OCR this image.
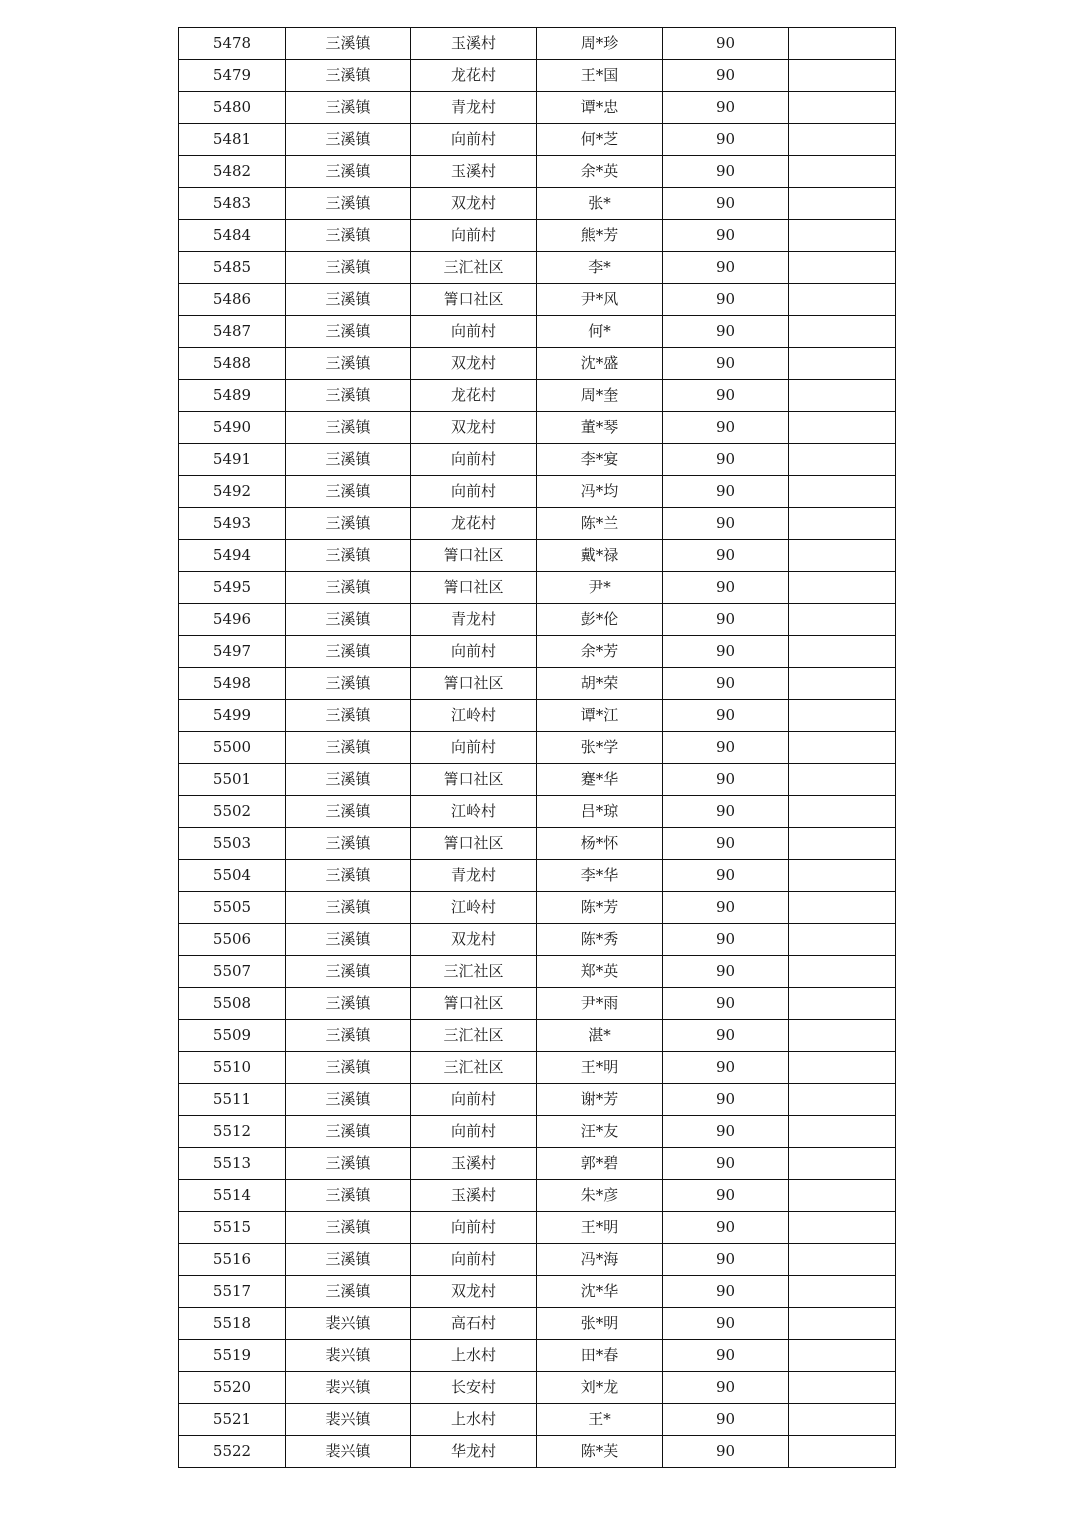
5478	三溪镇	玉溪村	周*珍	90	
5479	三溪镇	龙花村	王*国	90	
5480	三溪镇	青龙村	谭*忠	90	
5481	三溪镇	向前村	何*芝	90	
5482	三溪镇	玉溪村	余*英	90	
5483	三溪镇	双龙村	张*	90	
5484	三溪镇	向前村	熊*芳	90	
5485	三溪镇	三汇社区	李*	90	
5486	三溪镇	箐口社区	尹*风	90	
5487	三溪镇	向前村	何*	90	
5488	三溪镇	双龙村	沈*盛	90	
5489	三溪镇	龙花村	周*奎	90	
5490	三溪镇	双龙村	董*琴	90	
5491	三溪镇	向前村	李*宴	90	
5492	三溪镇	向前村	冯*均	90	
5493	三溪镇	龙花村	陈*兰	90	
5494	三溪镇	箐口社区	戴*禄	90	
5495	三溪镇	箐口社区	尹*	90	
5496	三溪镇	青龙村	彭*伦	90	
5497	三溪镇	向前村	余*芳	90	
5498	三溪镇	箐口社区	胡*荣	90	
5499	三溪镇	江岭村	谭*江	90	
5500	三溪镇	向前村	张*学	90	
5501	三溪镇	箐口社区	蹇*华	90	
5502	三溪镇	江岭村	吕*琼	90	
5503	三溪镇	箐口社区	杨*怀	90	
5504	三溪镇	青龙村	李*华	90	
5505	三溪镇	江岭村	陈*芳	90	
5506	三溪镇	双龙村	陈*秀	90	
5507	三溪镇	三汇社区	郑*英	90	
5508	三溪镇	箐口社区	尹*雨	90	
5509	三溪镇	三汇社区	湛*	90	
5510	三溪镇	三汇社区	王*明	90	
5511	三溪镇	向前村	谢*芳	90	
5512	三溪镇	向前村	汪*友	90	
5513	三溪镇	玉溪村	郭*碧	90	
5514	三溪镇	玉溪村	朱*彦	90	
5515	三溪镇	向前村	王*明	90	
5516	三溪镇	向前村	冯*海	90	
5517	三溪镇	双龙村	沈*华	90	
5518	裴兴镇	高石村	张*明	90	
5519	裴兴镇	上水村	田*春	90	
5520	裴兴镇	长安村	刘*龙	90	
5521	裴兴镇	上水村	王*	90	
5522	裴兴镇	华龙村	陈*芙	90	
